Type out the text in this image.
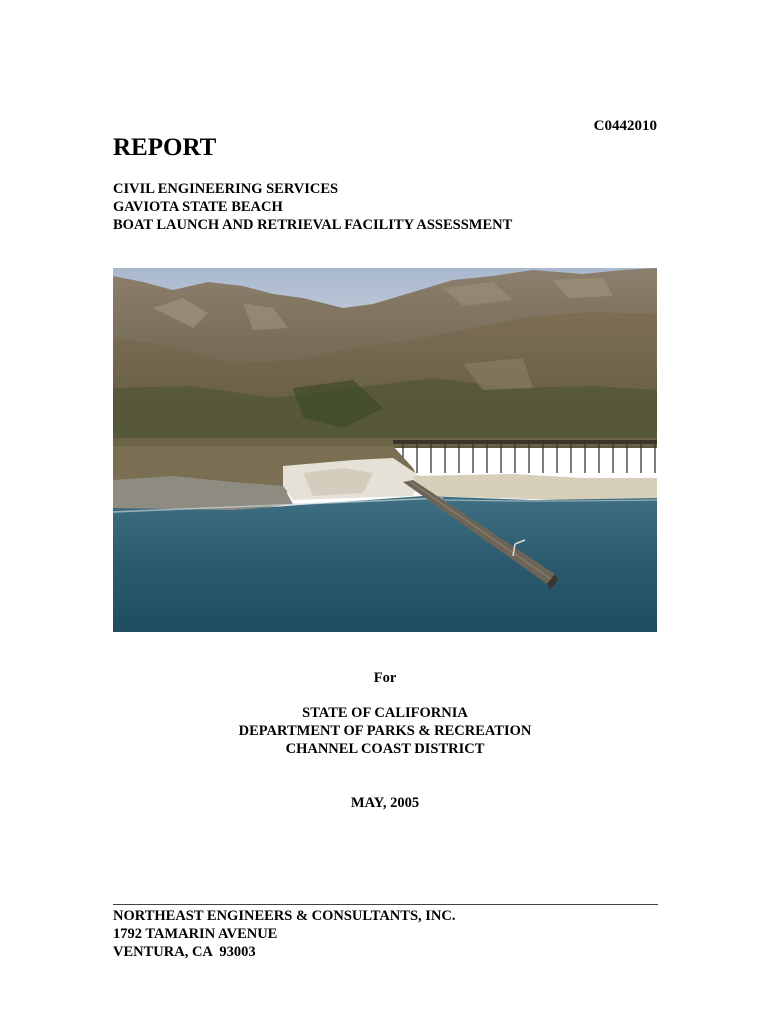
C0442010
REPORT
CIVIL ENGINEERING SERVICES
GAVIOTA STATE BEACH
BOAT LAUNCH AND RETRIEVAL FACILITY ASSESSMENT
For
STATE OF CALIFORNIA
DEPARTMENT OF PARKS & RECREATION
CHANNEL COAST DISTRICT
MAY, 2005
NORTHEAST ENGINEERS & CONSULTANTS, INC.
1792 TAMARIN AVENUE
VENTURA, CA  93003
